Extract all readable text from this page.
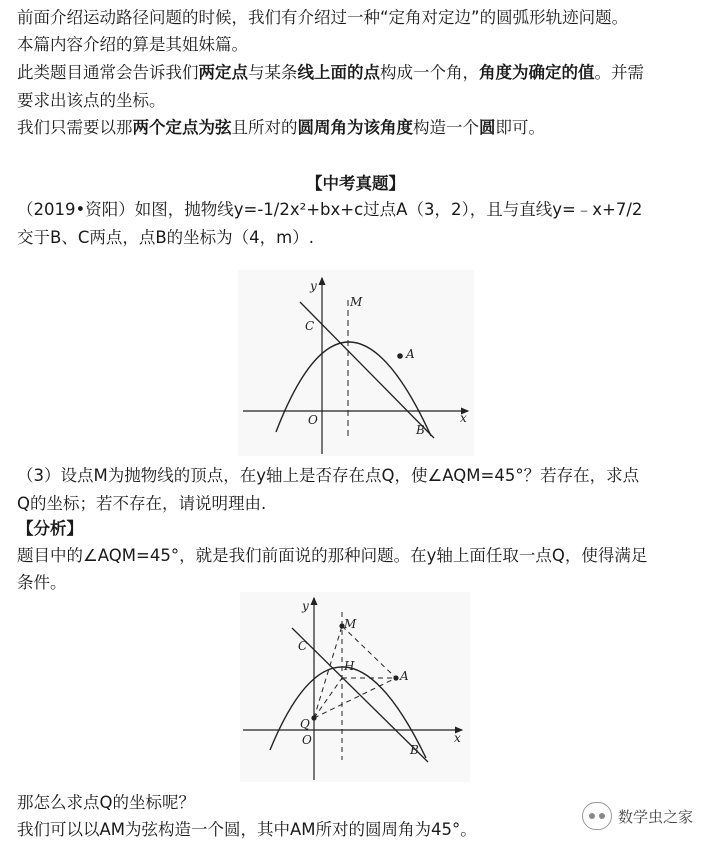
前面介绍运动路径问题的时候，我们有介绍过一种“定角对定边”的圆弧形轨迹问题。
本篇内容介绍的算是其姐妹篇。
此类题目通常会告诉我们两定点与某条线上面的点构成一个角，角度为确定的值。并需
要求出该点的坐标。
我们只需要以那两个定点为弦且所对的圆周角为该角度构造一个圆即可。
【中考真题】
（2019•资阳）如图，抛物线y=-1/2x²+bx+c过点A（3，2），且与直线y=﹣x+7/2
交于B、C两点，点B的坐标为（4，m）.
y
x
O
C
M
A
B
（3）设点M为抛物线的顶点，在y轴上是否存在点Q，使∠AQM=45°？若存在，求点
Q的坐标；若不存在，请说明理由.
【分析】
题目中的∠AQM=45°，就是我们前面说的那种问题。在y轴上面任取一点Q，使得满足
条件。
y
x
O
C
M
A
B
H
Q
那怎么求点Q的坐标呢？
我们可以以AM为弦构造一个圆，其中AM所对的圆周角为45°。
数学虫之家
